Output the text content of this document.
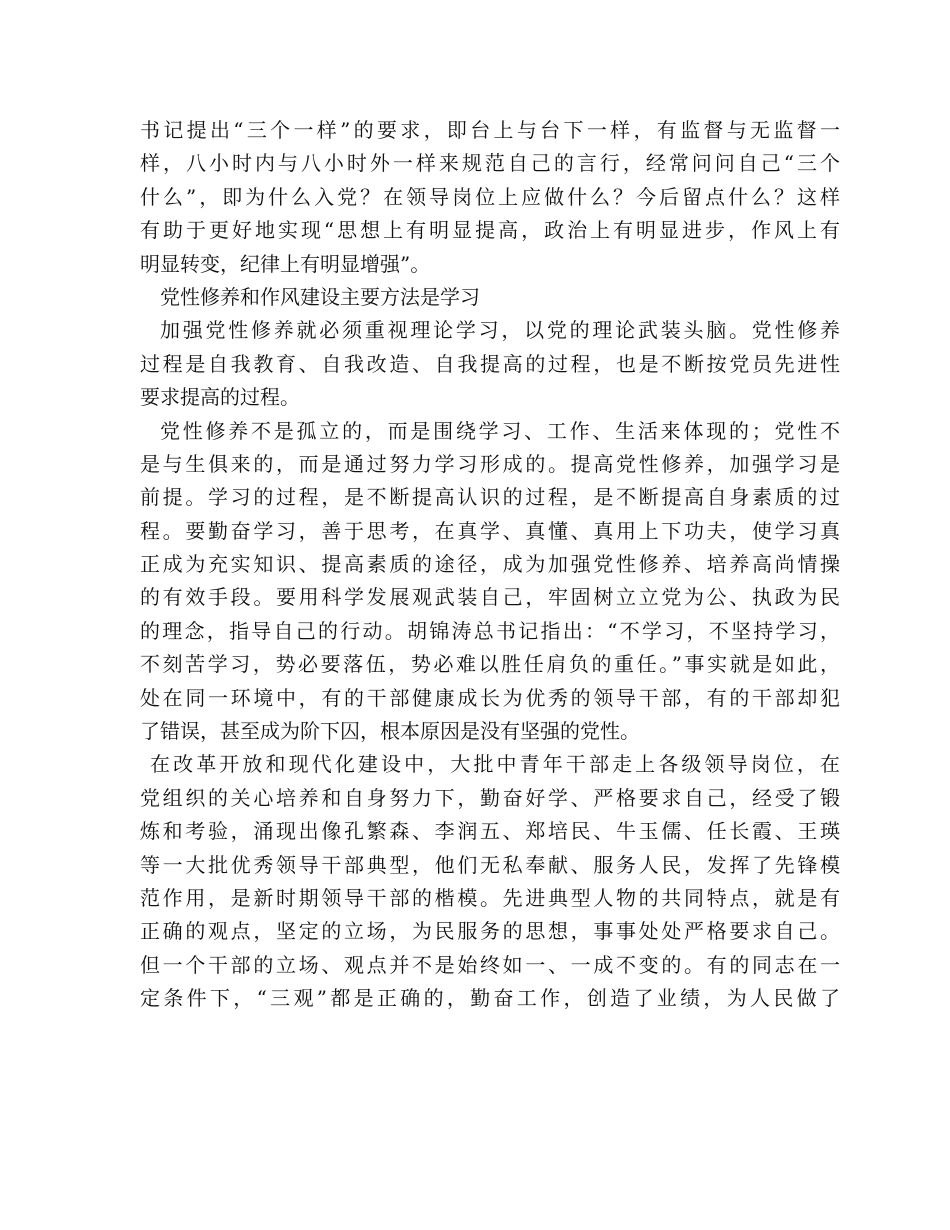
书记提出“三个一样”的要求，即台上与台下一样，有监督与无监督一
样，八小时内与八小时外一样来规范自己的言行，经常问问自己“三个
什么”，即为什么入党？在领导岗位上应做什么？今后留点什么？这样
有助于更好地实现“思想上有明显提高，政治上有明显进步，作风上有
明显转变，纪律上有明显增强”。
党性修养和作风建设主要方法是学习
加强党性修养就必须重视理论学习，以党的理论武装头脑。党性修养
过程是自我教育、自我改造、自我提高的过程，也是不断按党员先进性
要求提高的过程。
党性修养不是孤立的，而是围绕学习、工作、生活来体现的；党性不
是与生俱来的，而是通过努力学习形成的。提高党性修养，加强学习是
前提。学习的过程，是不断提高认识的过程，是不断提高自身素质的过
程。要勤奋学习，善于思考，在真学、真懂、真用上下功夫，使学习真
正成为充实知识、提高素质的途径，成为加强党性修养、培养高尚情操
的有效手段。要用科学发展观武装自己，牢固树立立党为公、执政为民
的理念，指导自己的行动。胡锦涛总书记指出：“不学习，不坚持学习，
不刻苦学习，势必要落伍，势必难以胜任肩负的重任。”事实就是如此，
处在同一环境中，有的干部健康成长为优秀的领导干部，有的干部却犯
了错误，甚至成为阶下囚，根本原因是没有坚强的党性。
在改革开放和现代化建设中，大批中青年干部走上各级领导岗位，在
党组织的关心培养和自身努力下，勤奋好学、严格要求自己，经受了锻
炼和考验，涌现出像孔繁森、李润五、郑培民、牛玉儒、任长霞、王瑛
等一大批优秀领导干部典型，他们无私奉献、服务人民，发挥了先锋模
范作用，是新时期领导干部的楷模。先进典型人物的共同特点，就是有
正确的观点，坚定的立场，为民服务的思想，事事处处严格要求自己。
但一个干部的立场、观点并不是始终如一、一成不变的。有的同志在一
定条件下，“三观”都是正确的，勤奋工作，创造了业绩，为人民做了
